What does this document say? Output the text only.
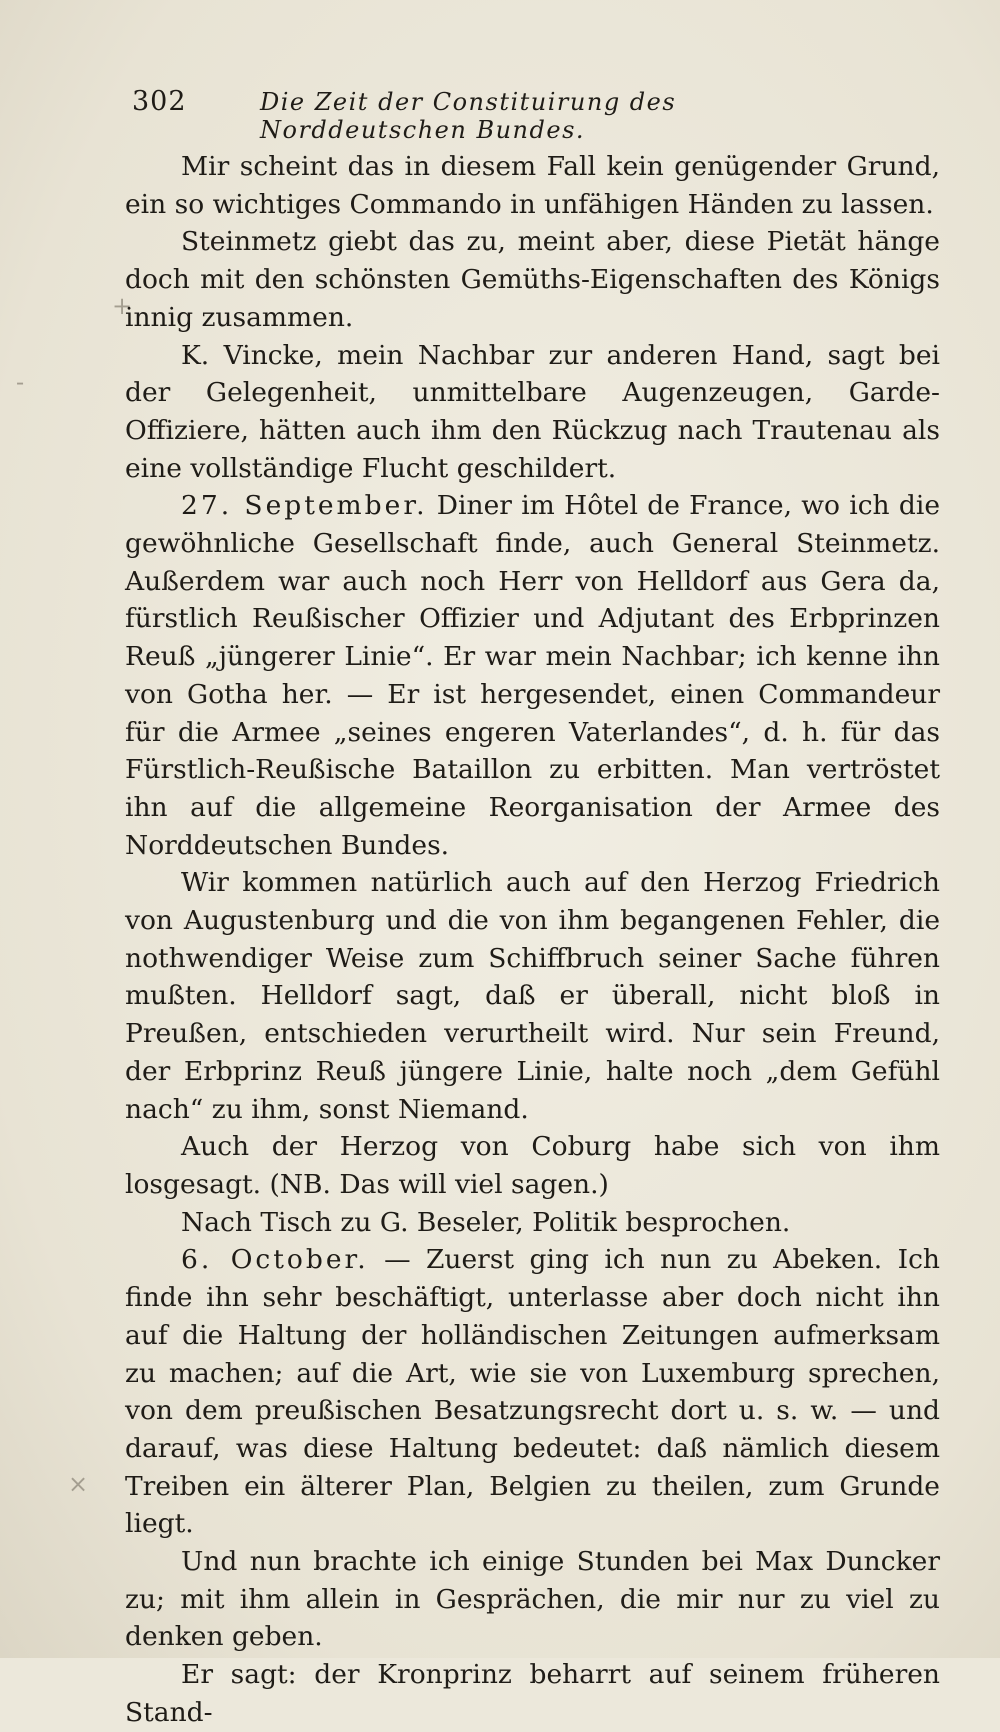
302	Die Zeit der Constituirung des Norddeutschen Bundes.
+
-
×

Mir scheint das in diesem Fall kein genügender Grund, ein so wichtiges Commando in unfähigen Händen zu lassen.

Steinmetz giebt das zu, meint aber, diese Pietät hänge doch mit den schönsten Gemüths-Eigenschaften des Königs innig zusammen.

K. Vincke, mein Nachbar zur anderen Hand, sagt bei der Gelegenheit, unmittelbare Augenzeugen, Garde-Offiziere, hätten auch ihm den Rückzug nach Trautenau als eine vollständige Flucht geschildert.

27. September. Diner im Hôtel de France, wo ich die gewöhnliche Gesellschaft finde, auch General Steinmetz. Außerdem war auch noch Herr von Helldorf aus Gera da, fürstlich Reußischer Offizier und Adjutant des Erbprinzen Reuß „jüngerer Linie“. Er war mein Nachbar; ich kenne ihn von Gotha her. — Er ist hergesendet, einen Commandeur für die Armee „seines engeren Vaterlandes“, d. h. für das Fürstlich-Reußische Bataillon zu erbitten. Man vertröstet ihn auf die allgemeine Reorganisation der Armee des Norddeutschen Bundes.

Wir kommen natürlich auch auf den Herzog Friedrich von Augustenburg und die von ihm begangenen Fehler, die nothwendiger Weise zum Schiffbruch seiner Sache führen mußten. Helldorf sagt, daß er überall, nicht bloß in Preußen, entschieden verurtheilt wird. Nur sein Freund, der Erbprinz Reuß jüngere Linie, halte noch „dem Gefühl nach“ zu ihm, sonst Niemand.

Auch der Herzog von Coburg habe sich von ihm losgesagt. (NB. Das will viel sagen.)

Nach Tisch zu G. Beseler, Politik besprochen.

6. October. — Zuerst ging ich nun zu Abeken. Ich finde ihn sehr beschäftigt, unterlasse aber doch nicht ihn auf die Haltung der holländischen Zeitungen aufmerksam zu machen; auf die Art, wie sie von Luxemburg sprechen, von dem preußischen Besatzungsrecht dort u. s. w. — und darauf, was diese Haltung bedeutet: daß nämlich diesem Treiben ein älterer Plan, Belgien zu theilen, zum Grunde liegt.

Und nun brachte ich einige Stunden bei Max Duncker zu; mit ihm allein in Gesprächen, die mir nur zu viel zu denken geben.

Er sagt: der Kronprinz beharrt auf seinem früheren Stand-
